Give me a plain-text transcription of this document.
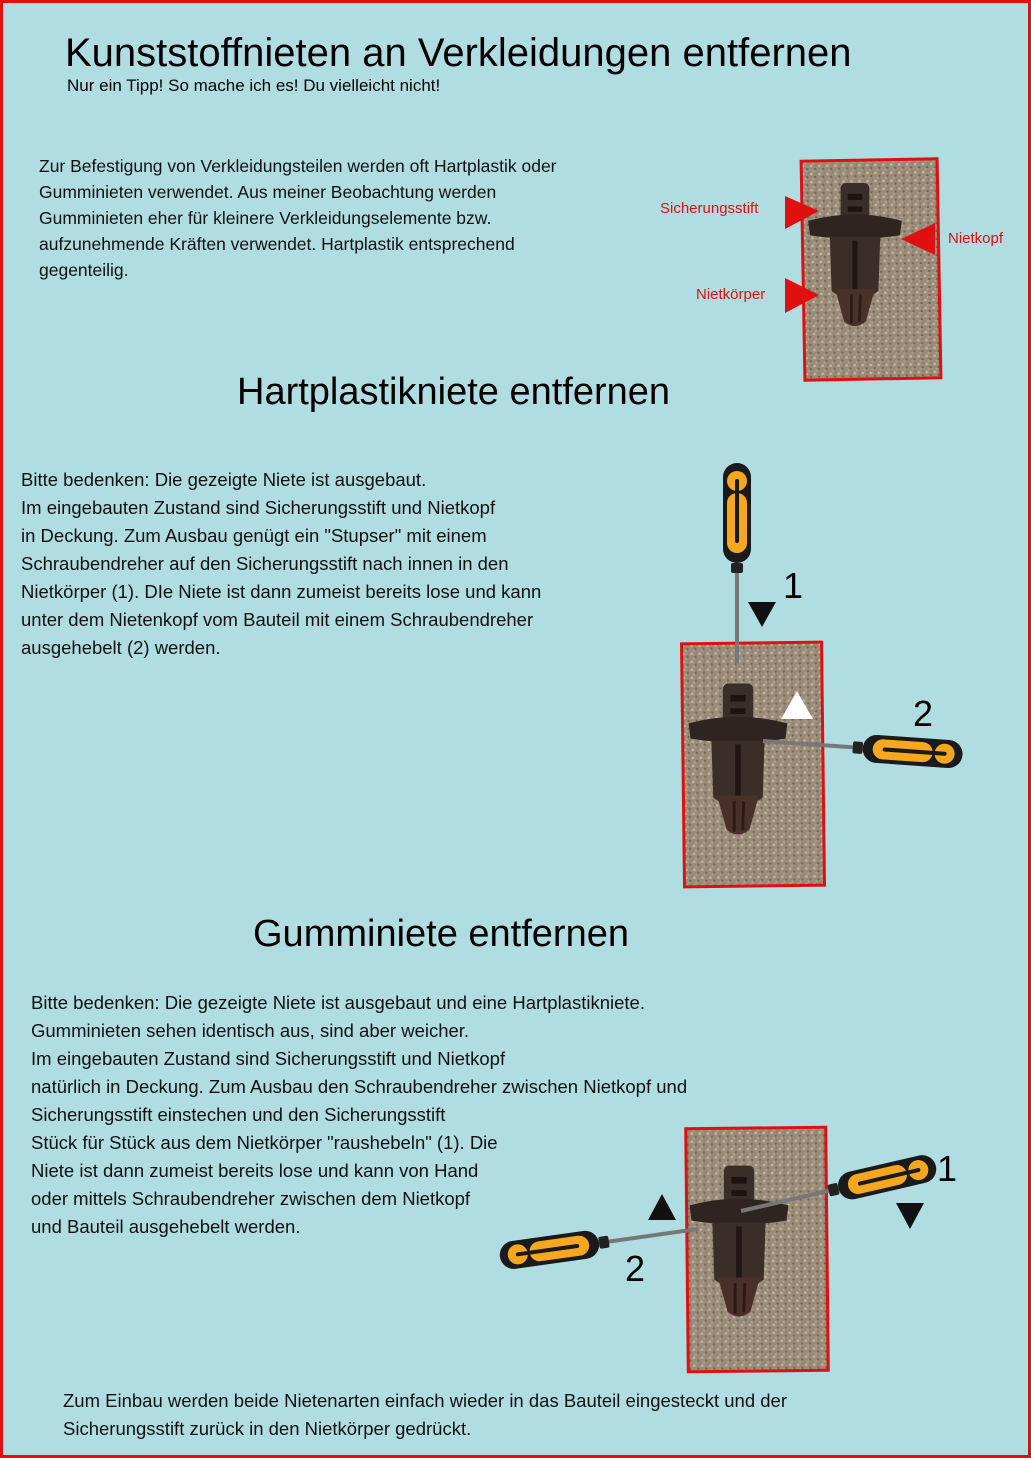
Kunststoffnieten an Verkleidungen entfernen
Nur ein Tipp! So mache ich es! Du vielleicht nicht!
Zur Befestigung von Verkleidungsteilen werden oft Hartplastik oder
Gumminieten verwendet. Aus meiner Beobachtung werden
Gumminieten eher für kleinere Verkleidungselemente bzw.
aufzunehmende Kräften verwendet. Hartplastik entsprechend
gegenteilig.
Sicherungsstift
Nietkopf
Nietkörper
Hartplastikniete entfernen
Bitte bedenken: Die gezeigte Niete ist ausgebaut.
Im eingebauten Zustand sind Sicherungsstift und Nietkopf
in Deckung. Zum Ausbau genügt ein "Stupser" mit einem
Schraubendreher auf den Sicherungsstift nach innen in den
Nietkörper (1). DIe Niete ist dann zumeist bereits lose und kann
unter dem Nietenkopf vom Bauteil mit einem Schraubendreher
ausgehebelt (2) werden.
1
2
Gumminiete entfernen
Bitte bedenken: Die gezeigte Niete ist ausgebaut und eine Hartplastikniete.
Gumminieten sehen identisch aus, sind aber weicher.
Im eingebauten Zustand sind Sicherungsstift und Nietkopf
natürlich in Deckung. Zum Ausbau den Schraubendreher zwischen Nietkopf und
Sicherungsstift einstechen und den Sicherungsstift
Stück für Stück aus dem Nietkörper "raushebeln" (1). Die
Niete ist dann zumeist bereits lose und kann von Hand
oder mittels Schraubendreher zwischen dem Nietkopf
und Bauteil ausgehebelt werden.
1
2
Zum Einbau werden beide Nietenarten einfach wieder in das Bauteil eingesteckt und der
Sicherungsstift zurück in den Nietkörper gedrückt.
